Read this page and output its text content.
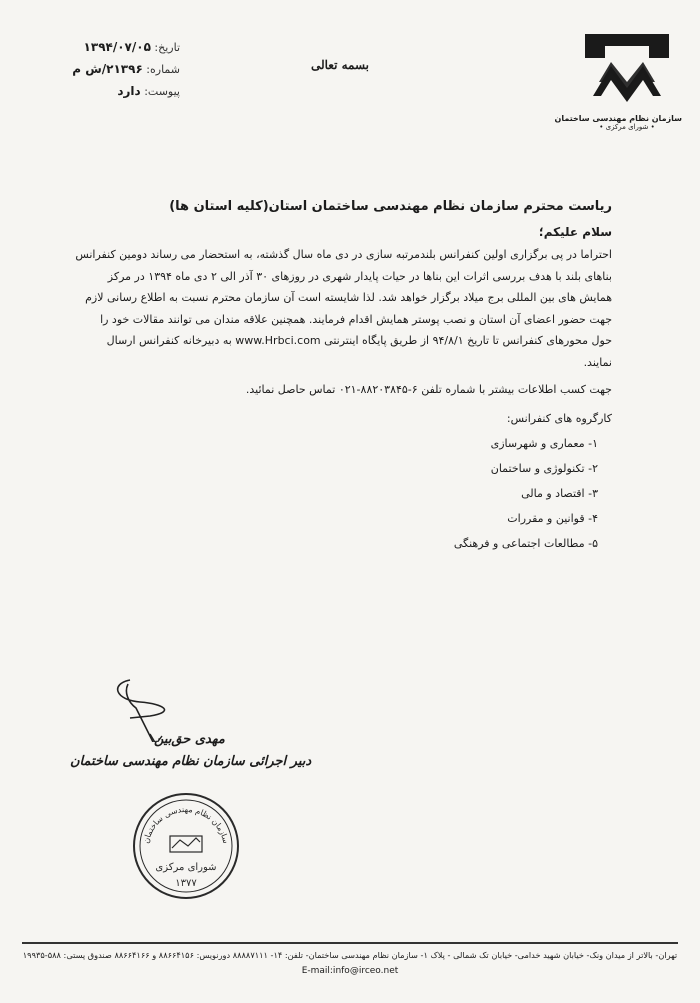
سازمان نظام مهندسی ساختمان
• شورای مرکزی •
بسمه تعالی
تاریخ: ۱۳۹۴/۰۷/۰۵
شماره: ۲۱۳۹۶/ش م
پیوست: دارد
ریاست محترم سازمان نظام مهندسی ساختمان استان(کلیه استان ها)
سلام علیکم؛

احتراما در پی برگزاری اولین کنفرانس بلندمرتبه سازی در دی ماه سال گذشته، به استحضار می رساند دومین کنفرانس

بناهای بلند با هدف بررسی اثرات این بناها در حیات پایدار شهری در روزهای ۳۰ آذر الی ۲ دی ماه ۱۳۹۴ در مرکز

همایش های بین المللی برج میلاد برگزار خواهد شد. لذا شایسته است آن سازمان محترم نسبت به اطلاع رسانی لازم

جهت حضور اعضای آن استان و نصب پوستر همایش اقدام فرمایند. همچنین علاقه مندان می توانند مقالات خود را

حول محورهای کنفرانس تا تاریخ ۹۴/۸/۱ از طریق پایگاه اینترنتی www.Hrbci.com به دبیرخانه کنفرانس ارسال

نمایند.

جهت کسب اطلاعات بیشتر با شماره تلفن ۶-۸۸۲۰۳۸۴۵-۰۲۱ تماس حاصل نمائید.
کارگروه های کنفرانس:
۱- معماری و شهرسازی
۲- تکنولوژی و ساختمان
۳- اقتصاد و مالی
۴- قوانین و مقررات
۵- مطالعات اجتماعی و فرهنگی
مهدی حق‌بین
دبیر اجرائی سازمان نظام مهندسی ساختمان
سازمان نظام مهندسی ساختمان
شورای مرکزی
۱۳۷۷
تهران- بالاتر از میدان ونک- خیابان شهید خدامی- خیابان تک شمالی - پلاک ۱- سازمان نظام مهندسی ساختمان- تلفن: ۱۴- ۸۸۸۸۷۱۱۱ دورنویس: ۸۸۶۶۴۱۵۶ و ۸۸۶۶۴۱۶۶ صندوق پستی: ۵۸۸-۱۹۹۳۵
E-mail:info@irceo.net
